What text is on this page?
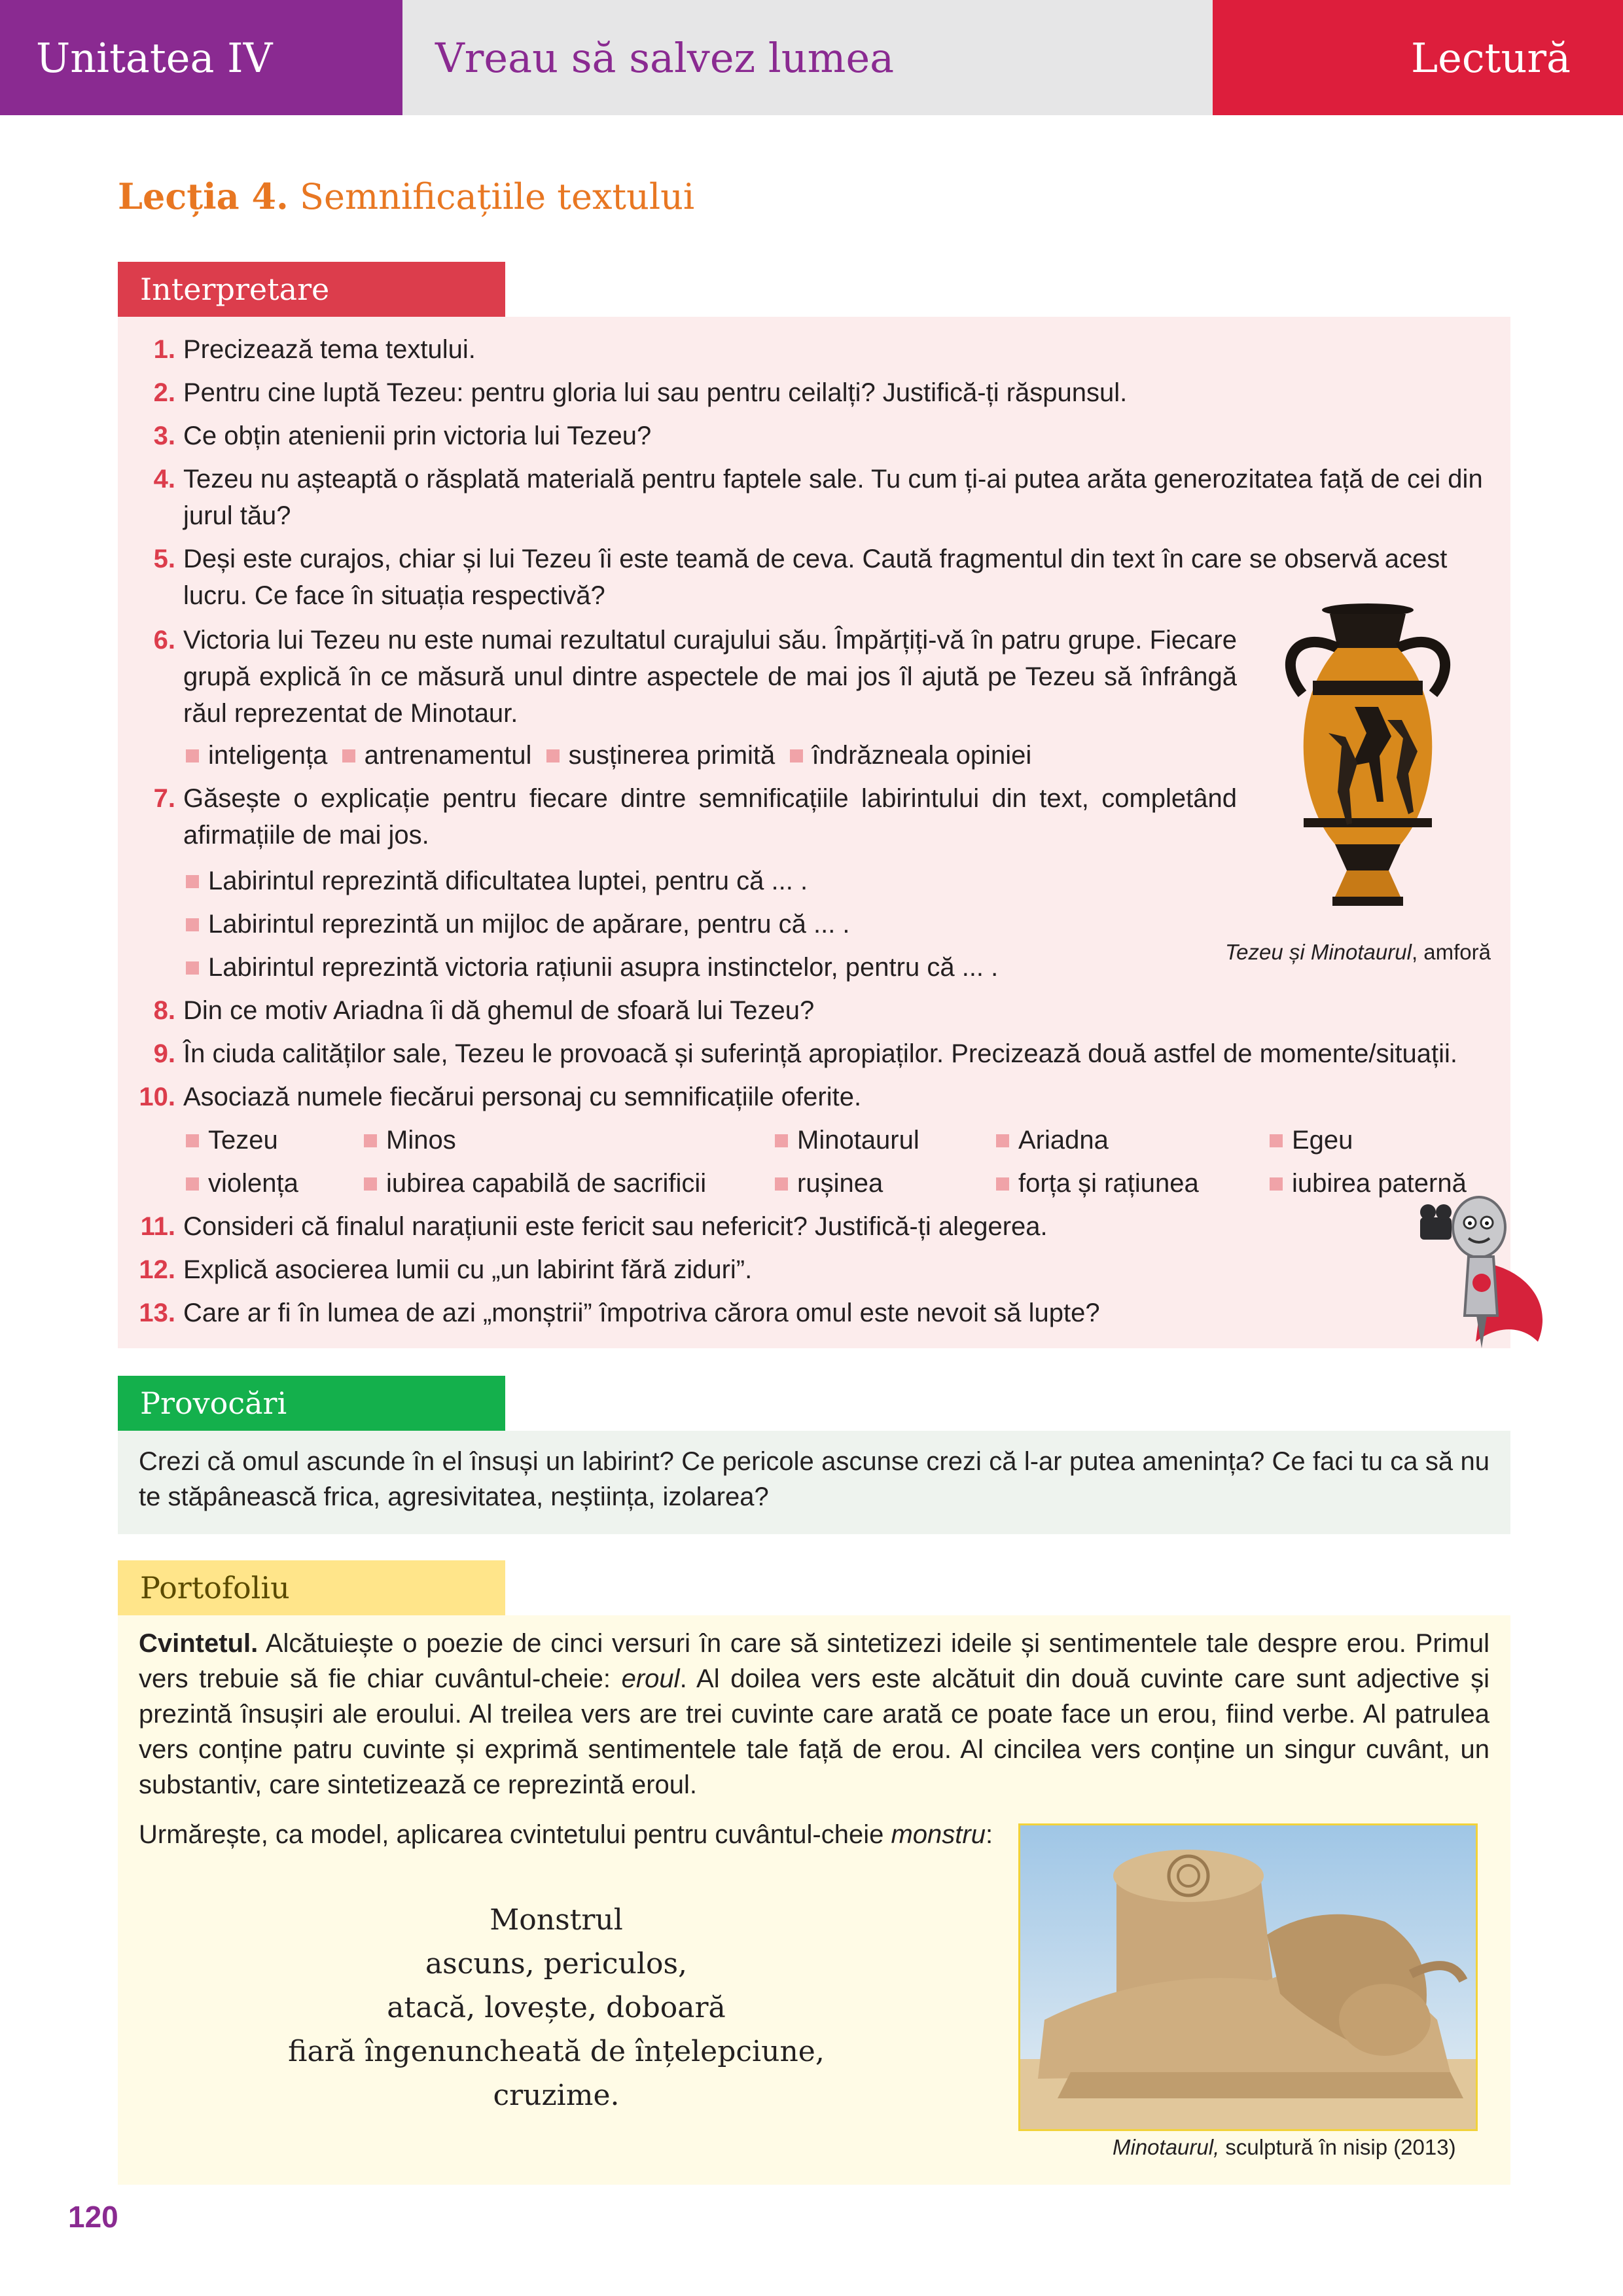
Unitatea IV	Vreau să salvez lumea	Lectură
Lecția 4. Semnificațiile textului
Interpretare
1. Precizează tema textului.
2. Pentru cine luptă Tezeu: pentru gloria lui sau pentru ceilalți? Justifică-ți răspunsul.
3. Ce obțin atenienii prin victoria lui Tezeu?
4. Tezeu nu așteaptă o răsplată materială pentru faptele sale. Tu cum ți-ai putea arăta generozitatea față de cei din jurul tău?
5. Deși este curajos, chiar și lui Tezeu îi este teamă de ceva. Caută fragmentul din text în care se observă acest lucru. Ce face în situația respectivă?
6. Victoria lui Tezeu nu este numai rezultatul curajului său. Împărțiți-vă în patru grupe. Fiecare grupă explică în ce măsură unul dintre aspectele de mai jos îl ajută pe Tezeu să înfrângă răul reprezentat de Minotaur.
inteligența antrenamentul susținerea primită îndrăzneala opiniei
7. Găsește o explicație pentru fiecare dintre semnificațiile labirintului din text, completând afirmațiile de mai jos.
Labirintul reprezintă dificultatea luptei, pentru că ... .
Labirintul reprezintă un mijloc de apărare, pentru că ... .
Labirintul reprezintă victoria rațiunii asupra instinctelor, pentru că ... .
8. Din ce motiv Ariadna îi dă ghemul de sfoară lui Tezeu?
9. În ciuda calităților sale, Tezeu le provoacă și suferință apropiaților. Precizează două astfel de momente/situații.
10. Asociază numele fiecărui personaj cu semnificațiile oferite.
Tezeu	Minos	Minotaurul	Ariadna	Egeu
violența	iubirea capabilă de sacrificii	rușinea	forța și rațiunea	iubirea paternă
11. Consideri că finalul narațiunii este fericit sau nefericit? Justifică-ți alegerea.
12. Explică asocierea lumii cu „un labirint fără ziduri”.
13. Care ar fi în lumea de azi „monștrii” împotriva cărora omul este nevoit să lupte?
Tezeu și Minotaurul, amforă
Provocări
Crezi că omul ascunde în el însuși un labirint? Ce pericole ascunse crezi că l-ar putea amenința? Ce faci tu ca să nu te stăpânească frica, agresivitatea, neștiința, izolarea?
Portofoliu
Cvintetul. Alcătuiește o poezie de cinci versuri în care să sintetizezi ideile și sentimentele tale despre erou. Primul vers trebuie să fie chiar cuvântul-cheie: eroul. Al doilea vers este alcătuit din două cuvinte care sunt adjective și prezintă însușiri ale eroului. Al treilea vers are trei cuvinte care arată ce poate face un erou, fiind verbe. Al patrulea vers conține patru cuvinte și exprimă sentimentele tale față de erou. Al cincilea vers conține un singur cuvânt, un substantiv, care sintetizează ce reprezintă eroul.
Urmărește, ca model, aplicarea cvintetului pentru cuvântul-cheie monstru:
Monstrul
ascuns, periculos,
atacă, lovește, doboară
fiară îngenuncheată de înțelepciune,
cruzime.
Minotaurul, sculptură în nisip (2013)
120
